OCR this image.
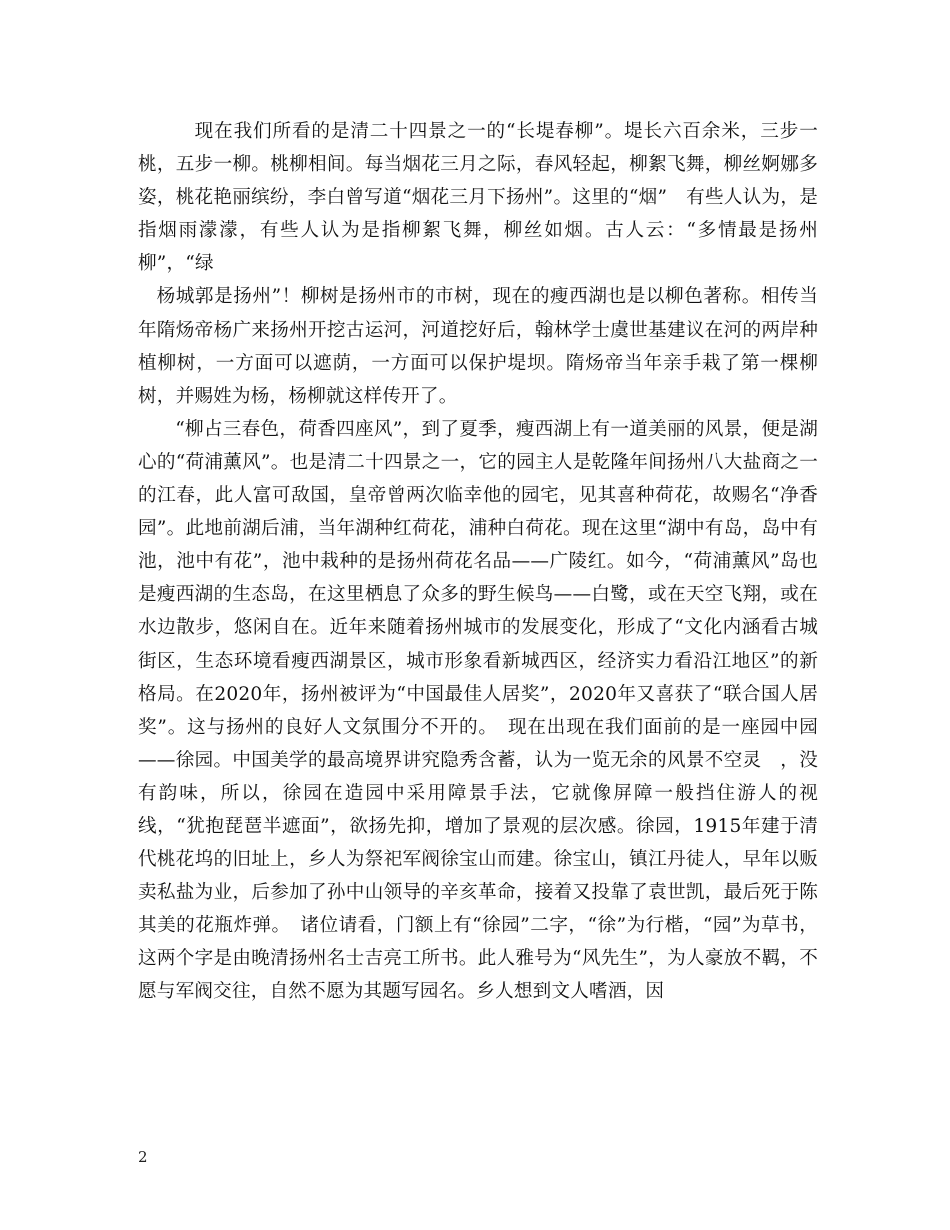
　现在我们所看的是清二十四景之一的“长堤春柳”。堤长六百余米，三步一桃，五步一柳。桃柳相间。每当烟花三月之际，春风轻起，柳絮飞舞，柳丝婀娜多姿，桃花艳丽缤纷，李白曾写道“烟花三月下扬州”。这里的“烟”　有些人认为，是指烟雨濛濛，有些人认为是指柳絮飞舞，柳丝如烟。古人云：“多情最是扬州柳”，“绿

杨城郭是扬州”！柳树是扬州市的市树，现在的瘦西湖也是以柳色著称。相传当年隋炀帝杨广来扬州开挖古运河，河道挖好后，翰林学士虞世基建议在河的两岸种植柳树，一方面可以遮荫，一方面可以保护堤坝。隋炀帝当年亲手栽了第一棵柳树，并赐姓为杨，杨柳就这样传开了。

“柳占三春色，荷香四座风”，到了夏季，瘦西湖上有一道美丽的风景，便是湖心的“荷浦薰风”。也是清二十四景之一，它的园主人是乾隆年间扬州八大盐商之一的江春，此人富可敌国，皇帝曾两次临幸他的园宅，见其喜种荷花，故赐名“净香园”。此地前湖后浦，当年湖种红荷花，浦种白荷花。现在这里“湖中有岛，岛中有池，池中有花”，池中栽种的是扬州荷花名品——广陵红。如今，“荷浦薰风”岛也是瘦西湖的生态岛，在这里栖息了众多的野生候鸟——白鹭，或在天空飞翔，或在水边散步，悠闲自在。近年来随着扬州城市的发展变化，形成了“文化内涵看古城街区，生态环境看瘦西湖景区，城市形象看新城西区，经济实力看沿江地区”的新格局。在2020年，扬州被评为“中国最佳人居奖”，2020年又喜获了“联合国人居奖”。这与扬州的良好人文氛围分不开的。　现在出现在我们面前的是一座园中园——徐园。中国美学的最高境界讲究隐秀含蓄，认为一览无余的风景不空灵　，没有韵味，所以，徐园在造园中采用障景手法，它就像屏障一般挡住游人的视线，“犹抱琵琶半遮面”，欲扬先抑，增加了景观的层次感。徐园，1915年建于清代桃花坞的旧址上，乡人为祭祀军阀徐宝山而建。徐宝山，镇江丹徒人，早年以贩卖私盐为业，后参加了孙中山领导的辛亥革命，接着又投靠了袁世凯，最后死于陈其美的花瓶炸弹。　诸位请看，门额上有“徐园”二字，“徐”为行楷，“园”为草书，这两个字是由晚清扬州名士吉亮工所书。此人雅号为“风先生”，为人豪放不羁，不愿与军阀交往，自然不愿为其题写园名。乡人想到文人嗜酒，因

2
